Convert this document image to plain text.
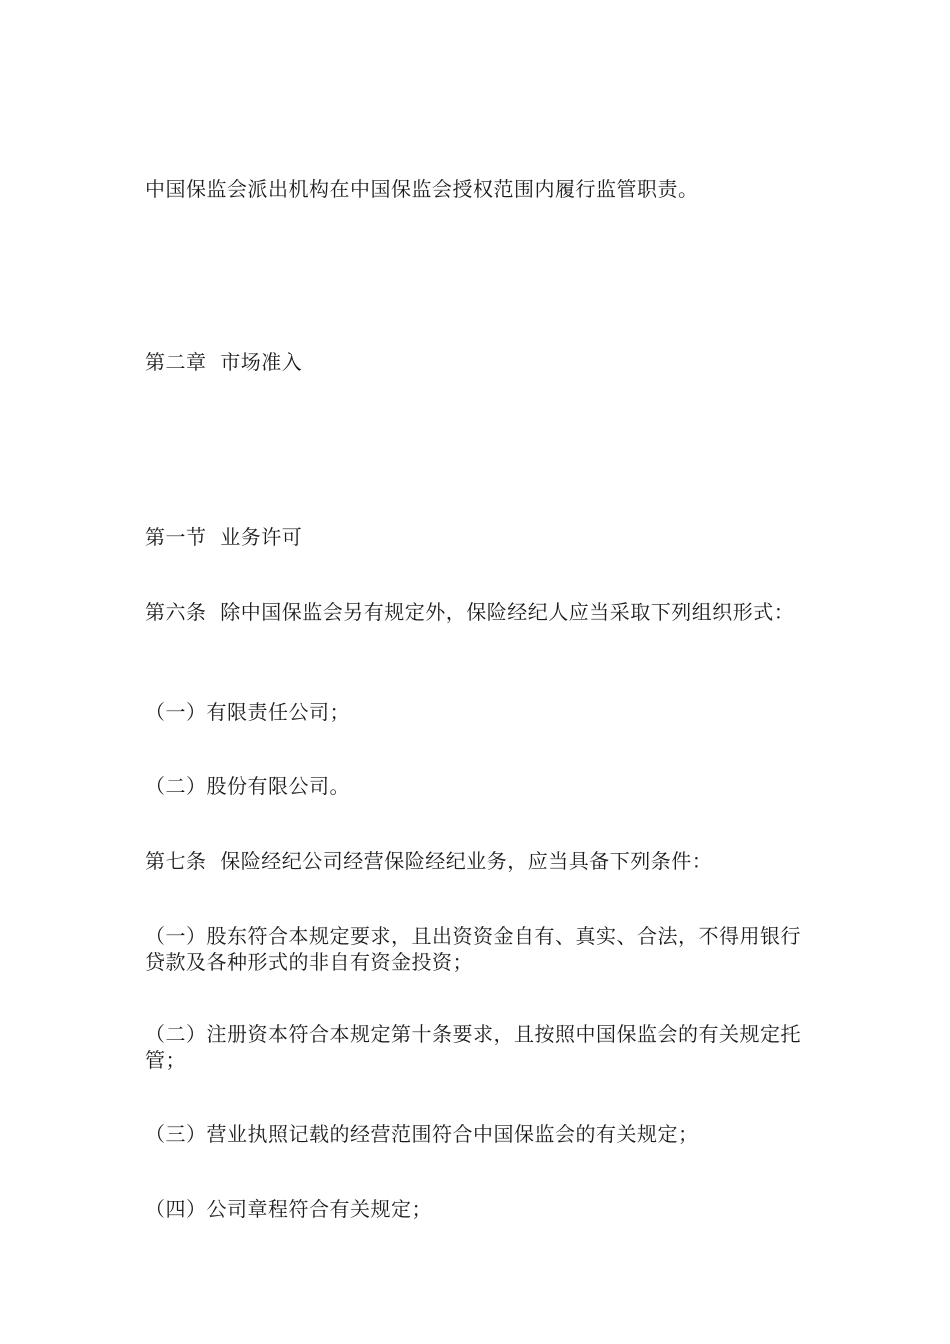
中国保监会派出机构在中国保监会授权范围内履行监管职责。

第二章  市场准入

第一节  业务许可

第六条  除中国保监会另有规定外，保险经纪人应当采取下列组织形式：

（一）有限责任公司；

（二）股份有限公司。

第七条  保险经纪公司经营保险经纪业务，应当具备下列条件：

（一）股东符合本规定要求，且出资资金自有、真实、合法，不得用银行贷款及各种形式的非自有资金投资；

（二）注册资本符合本规定第十条要求，且按照中国保监会的有关规定托管；

（三）营业执照记载的经营范围符合中国保监会的有关规定；

（四）公司章程符合有关规定；
